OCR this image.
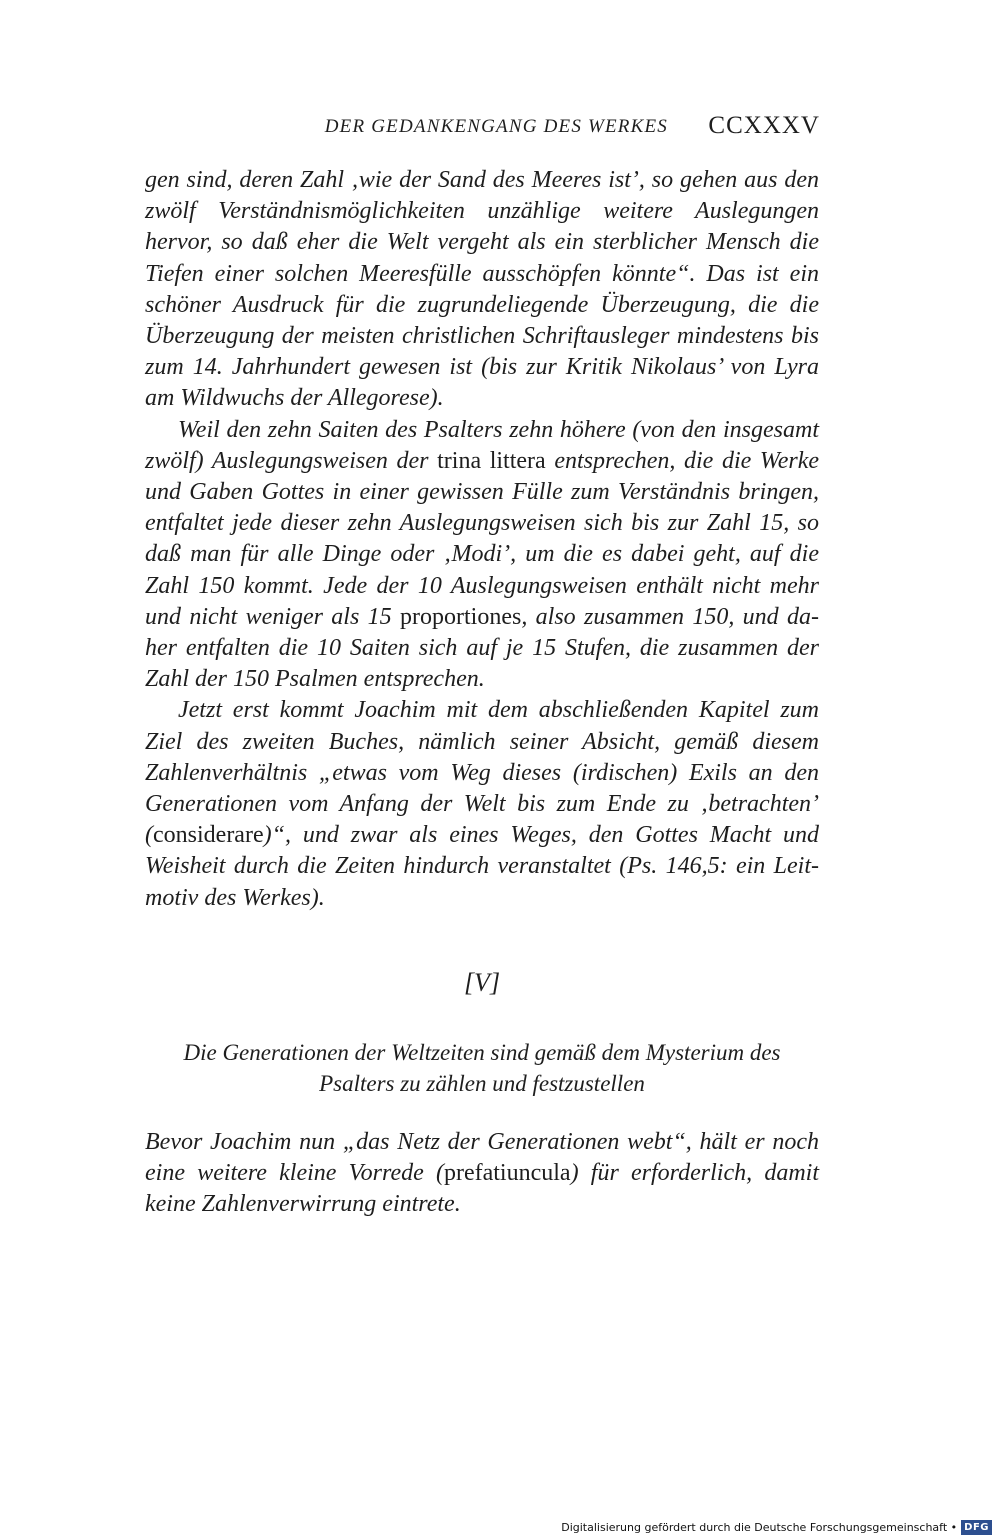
DER GEDANKENGANG DES WERKES CCXXXV

gen sind, deren Zahl ‚wie der Sand des Meeres ist’, so gehen aus den zwölf Verständnismöglichkeiten unzählige weitere Auslegungen hervor, so daß eher die Welt vergeht als ein sterblicher Mensch die Tiefen einer solchen Meeresfülle ausschöpfen könnte“. Das ist ein schöner Ausdruck für die zugrundeliegende Überzeugung, die die Überzeugung der meisten christlichen Schriftausleger mindestens bis zum 14. Jahrhundert gewesen ist (bis zur Kritik Nikolaus’ von Lyra am Wildwuchs der Allegorese).

Weil den zehn Saiten des Psalters zehn höhere (von den insgesamt zwölf) Auslegungsweisen der trina littera entsprechen, die die Werke und Gaben Gottes in einer gewissen Fülle zum Verständnis bringen, entfaltet jede dieser zehn Auslegungsweisen sich bis zur Zahl 15, so daß man für alle Dinge oder ‚Modi’, um die es dabei geht, auf die Zahl 150 kommt. Jede der 10 Auslegungsweisen enthält nicht mehr und nicht weniger als 15 proportiones, also zusammen 150, und daher entfalten die 10 Saiten sich auf je 15 Stufen, die zusammen der Zahl der 150 Psalmen entsprechen.

Jetzt erst kommt Joachim mit dem abschließenden Kapitel zum Ziel des zweiten Buches, nämlich seiner Absicht, gemäß diesem Zahlenverhältnis „etwas vom Weg dieses (irdischen) Exils an den Generationen vom Anfang der Welt bis zum Ende zu ‚betrachten’ (considerare)“, und zwar als eines Weges, den Gottes Macht und Weisheit durch die Zeiten hindurch veranstaltet (Ps. 146,5: ein Leitmotiv des Werkes).

[V]
Die Generationen der Weltzeiten sind gemäß dem Mysterium des
Psalters zu zählen und festzustellen

Bevor Joachim nun „das Netz der Generationen webt“, hält er noch eine weitere kleine Vorrede (prefatiuncula) für erforderlich, damit keine Zahlenverwirrung eintrete.

Digitalisierung gefördert durch die Deutsche Forschungsgemeinschaft • DFG
